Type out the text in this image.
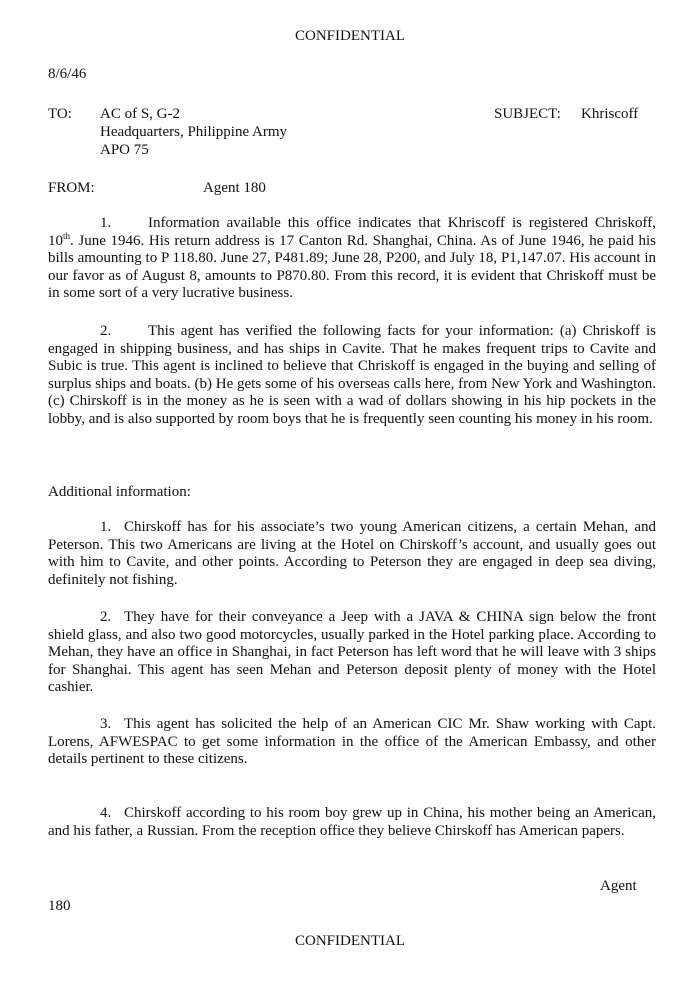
CONFIDENTIAL
8/6/46
TO: AC of S, G-2
Headquarters, Philippine Army
APO 75
SUBJECT: Khriscoff
FROM:	Agent 180
1. Information available this office indicates that Khriscoff is registered Chriskoff, 10th. June 1946. His return address is 17 Canton Rd. Shanghai, China. As of June 1946, he paid his bills amounting to P 118.80. June 27, P481.89; June 28, P200, and July 18, P1,147.07. His account in our favor as of August 8, amounts to P870.80. From this record, it is evident that Chriskoff must be in some sort of a very lucrative business.
2. This agent has verified the following facts for your information: (a) Chriskoff is engaged in shipping business, and has ships in Cavite. That he makes frequent trips to Cavite and Subic is true. This agent is inclined to believe that Chriskoff is engaged in the buying and selling of surplus ships and boats. (b) He gets some of his overseas calls here, from New York and Washington. (c) Chirskoff is in the money as he is seen with a wad of dollars showing in his hip pockets in the lobby, and is also supported by room boys that he is frequently seen counting his money in his room.
Additional information:
1. Chirskoff has for his associate’s two young American citizens, a certain Mehan, and Peterson. This two Americans are living at the Hotel on Chirskoff’s account, and usually goes out with him to Cavite, and other points. According to Peterson they are engaged in deep sea diving, definitely not fishing.
2. They have for their conveyance a Jeep with a JAVA & CHINA sign below the front shield glass, and also two good motorcycles, usually parked in the Hotel parking place. According to Mehan, they have an office in Shanghai, in fact Peterson has left word that he will leave with 3 ships for Shanghai. This agent has seen Mehan and Peterson deposit plenty of money with the Hotel cashier.
3. This agent has solicited the help of an American CIC Mr. Shaw working with Capt. Lorens, AFWESPAC to get some information in the office of the American Embassy, and other details pertinent to these citizens.
4. Chirskoff according to his room boy grew up in China, his mother being an American, and his father, a Russian. From the reception office they believe Chirskoff has American papers.
Agent
180
CONFIDENTIAL
